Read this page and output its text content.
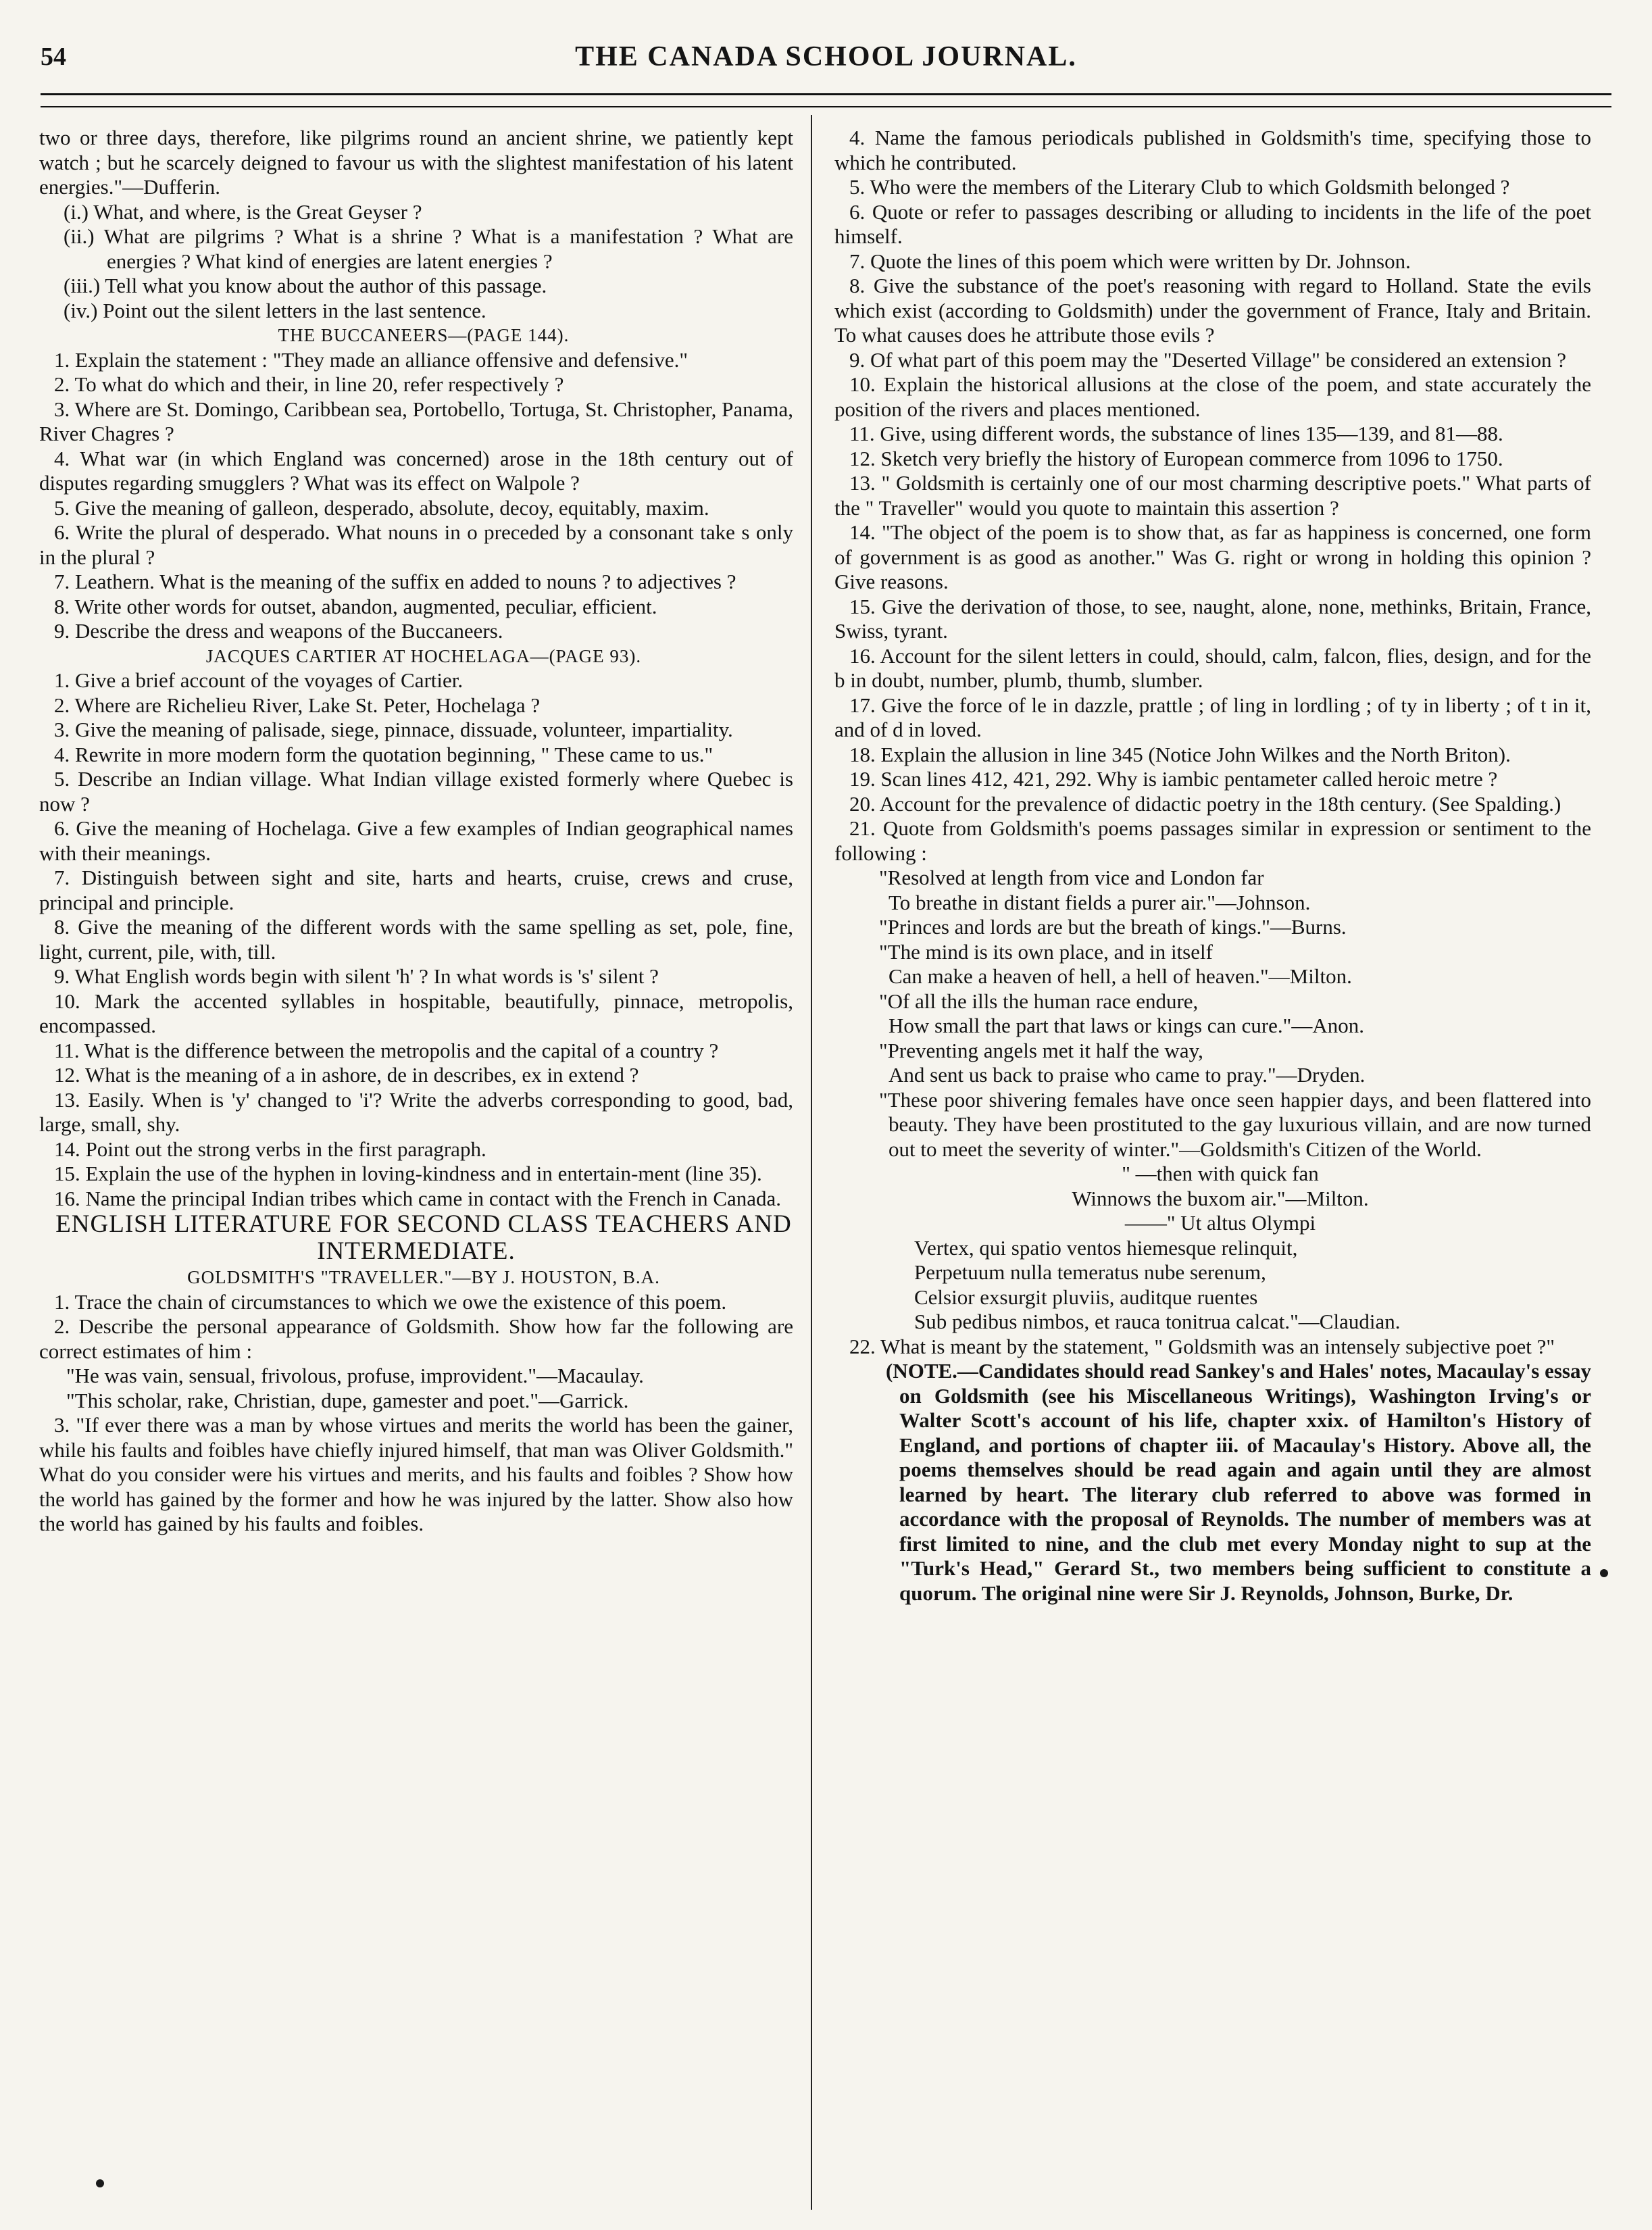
54	THE CANADA SCHOOL JOURNAL.

two or three days, therefore, like pilgrims round an ancient shrine, we patiently kept watch ; but he scarcely deigned to favour us with the slightest manifestation of his latent energies."—Dufferin.

(i.) What, and where, is the Great Geyser ?

(ii.) What are pilgrims ? What is a shrine ? What is a manifestation ? What are energies ? What kind of energies are latent energies ?

(iii.) Tell what you know about the author of this passage.

(iv.) Point out the silent letters in the last sentence.

THE BUCCANEERS—(PAGE 144).

1. Explain the statement : "They made an alliance offensive and defensive."

2. To what do which and their, in line 20, refer respectively ?

3. Where are St. Domingo, Caribbean sea, Portobello, Tortuga, St. Christopher, Panama, River Chagres ?

4. What war (in which England was concerned) arose in the 18th century out of disputes regarding smugglers ? What was its effect on Walpole ?

5. Give the meaning of galleon, desperado, absolute, decoy, equitably, maxim.

6. Write the plural of desperado. What nouns in o preceded by a consonant take s only in the plural ?

7. Leathern. What is the meaning of the suffix en added to nouns ? to adjectives ?

8. Write other words for outset, abandon, augmented, peculiar, efficient.

9. Describe the dress and weapons of the Buccaneers.

JACQUES CARTIER AT HOCHELAGA—(PAGE 93).

1. Give a brief account of the voyages of Cartier.

2. Where are Richelieu River, Lake St. Peter, Hochelaga ?

3. Give the meaning of palisade, siege, pinnace, dissuade, volunteer, impartiality.

4. Rewrite in more modern form the quotation beginning, " These came to us."

5. Describe an Indian village. What Indian village existed formerly where Quebec is now ?

6. Give the meaning of Hochelaga. Give a few examples of Indian geographical names with their meanings.

7. Distinguish between sight and site, harts and hearts, cruise, crews and cruse, principal and principle.

8. Give the meaning of the different words with the same spelling as set, pole, fine, light, current, pile, with, till.

9. What English words begin with silent 'h' ? In what words is 's' silent ?

10. Mark the accented syllables in hospitable, beautifully, pinnace, metropolis, encompassed.

11. What is the difference between the metropolis and the capital of a country ?

12. What is the meaning of a in ashore, de in describes, ex in extend ?

13. Easily. When is 'y' changed to 'i'? Write the adverbs corresponding to good, bad, large, small, shy.

14. Point out the strong verbs in the first paragraph.

15. Explain the use of the hyphen in loving-kindness and in entertain-ment (line 35).

16. Name the principal Indian tribes which came in contact with the French in Canada.

ENGLISH LITERATURE FOR SECOND CLASS TEACHERS AND INTERMEDIATE.

GOLDSMITH'S "TRAVELLER."—BY J. HOUSTON, B.A.

1. Trace the chain of circumstances to which we owe the existence of this poem.

2. Describe the personal appearance of Goldsmith. Show how far the following are correct estimates of him :

"He was vain, sensual, frivolous, profuse, improvident."—Macaulay.

"This scholar, rake, Christian, dupe, gamester and poet."—Garrick.

3. "If ever there was a man by whose virtues and merits the world has been the gainer, while his faults and foibles have chiefly injured himself, that man was Oliver Goldsmith." What do you consider were his virtues and merits, and his faults and foibles ? Show how the world has gained by the former and how he was injured by the latter. Show also how the world has gained by his faults and foibles.

4. Name the famous periodicals published in Goldsmith's time, specifying those to which he contributed.

5. Who were the members of the Literary Club to which Goldsmith belonged ?

6. Quote or refer to passages describing or alluding to incidents in the life of the poet himself.

7. Quote the lines of this poem which were written by Dr. Johnson.

8. Give the substance of the poet's reasoning with regard to Holland. State the evils which exist (according to Goldsmith) under the government of France, Italy and Britain. To what causes does he attribute those evils ?

9. Of what part of this poem may the "Deserted Village" be considered an extension ?

10. Explain the historical allusions at the close of the poem, and state accurately the position of the rivers and places mentioned.

11. Give, using different words, the substance of lines 135—139, and 81—88.

12. Sketch very briefly the history of European commerce from 1096 to 1750.

13. " Goldsmith is certainly one of our most charming descriptive poets." What parts of the " Traveller" would you quote to maintain this assertion ?

14. "The object of the poem is to show that, as far as happiness is concerned, one form of government is as good as another." Was G. right or wrong in holding this opinion ? Give reasons.

15. Give the derivation of those, to see, naught, alone, none, methinks, Britain, France, Swiss, tyrant.

16. Account for the silent letters in could, should, calm, falcon, flies, design, and for the b in doubt, number, plumb, thumb, slumber.

17. Give the force of le in dazzle, prattle ; of ling in lordling ; of ty in liberty ; of t in it, and of d in loved.

18. Explain the allusion in line 345 (Notice John Wilkes and the North Briton).

19. Scan lines 412, 421, 292. Why is iambic pentameter called heroic metre ?

20. Account for the prevalence of didactic poetry in the 18th century. (See Spalding.)

21. Quote from Goldsmith's poems passages similar in expression or sentiment to the following :

"Resolved at length from vice and London far
To breathe in distant fields a purer air."—Johnson.

"Princes and lords are but the breath of kings."—Burns.

"The mind is its own place, and in itself
Can make a heaven of hell, a hell of heaven."—Milton.

"Of all the ills the human race endure,
How small the part that laws or kings can cure."—Anon.

"Preventing angels met it half the way,
And sent us back to praise who came to pray."—Dryden.

"These poor shivering females have once seen happier days, and been flattered into beauty. They have been prostituted to the gay luxurious villain, and are now turned out to meet the severity of winter."—Goldsmith's Citizen of the World.

" —then with quick fan

Winnows the buxom air."—Milton.

——" Ut altus Olympi

Vertex, qui spatio ventos hiemesque relinquit,

Perpetuum nulla temeratus nube serenum,

Celsior exsurgit pluviis, auditque ruentes

Sub pedibus nimbos, et rauca tonitrua calcat."—Claudian.

22. What is meant by the statement, " Goldsmith was an intensely subjective poet ?"

(NOTE.—Candidates should read Sankey's and Hales' notes, Macaulay's essay on Goldsmith (see his Miscellaneous Writings), Washington Irving's or Walter Scott's account of his life, chapter xxix. of Hamilton's History of England, and portions of chapter iii. of Macaulay's History. Above all, the poems themselves should be read again and again until they are almost learned by heart. The literary club referred to above was formed in accordance with the proposal of Reynolds. The number of members was at first limited to nine, and the club met every Monday night to sup at the "Turk's Head," Gerard St., two members being sufficient to constitute a quorum. The original nine were Sir J. Reynolds, Johnson, Burke, Dr.
